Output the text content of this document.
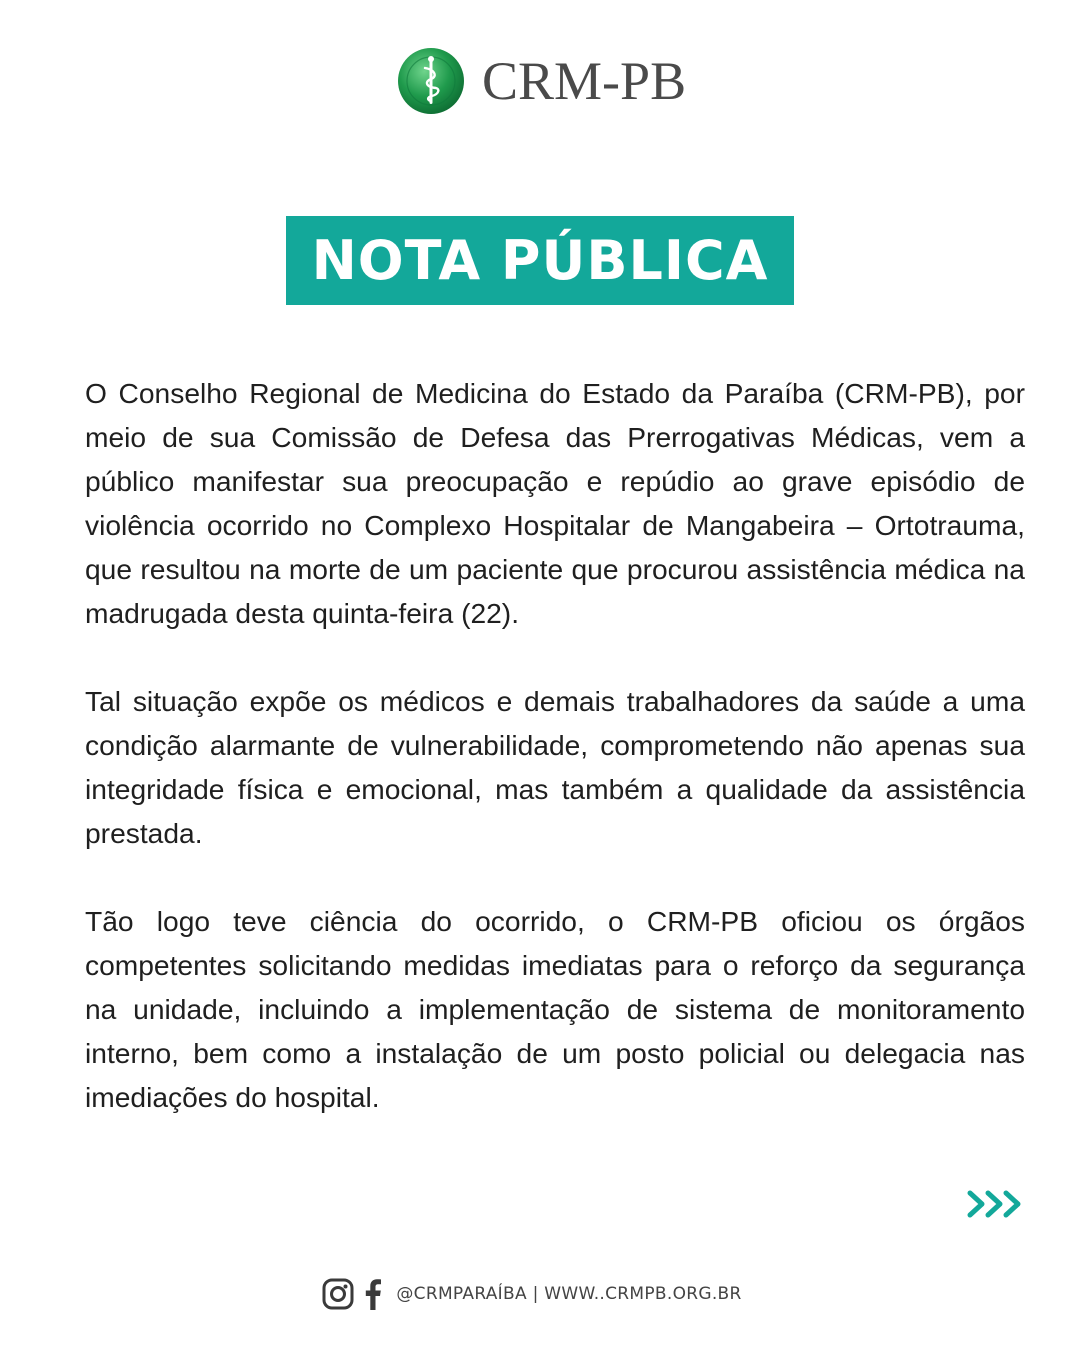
CRM-PB
NOTA PÚBLICA

O Conselho Regional de Medicina do Estado da Paraíba (CRM-PB), por meio de sua Comissão de Defesa das Prerrogativas Médicas, vem a público manifestar sua preocupação e repúdio ao grave episódio de violência ocorrido no Complexo Hospitalar de Mangabeira – Ortotrauma, que resultou na morte de um paciente que procurou assistência médica na madrugada desta quinta-feira (22).

Tal situação expõe os médicos e demais trabalhadores da saúde a uma condição alarmante de vulnerabilidade, comprometendo não apenas sua integridade física e emocional, mas também a qualidade da assistência prestada.

Tão logo teve ciência do ocorrido, o CRM-PB oficiou os órgãos competentes solicitando medidas imediatas para o reforço da segurança na unidade, incluindo a implementação de sistema de monitoramento interno, bem como a instalação de um posto policial ou delegacia nas imediações do hospital.

@CRMPARAÍBA | WWW..CRMPB.ORG.BR
